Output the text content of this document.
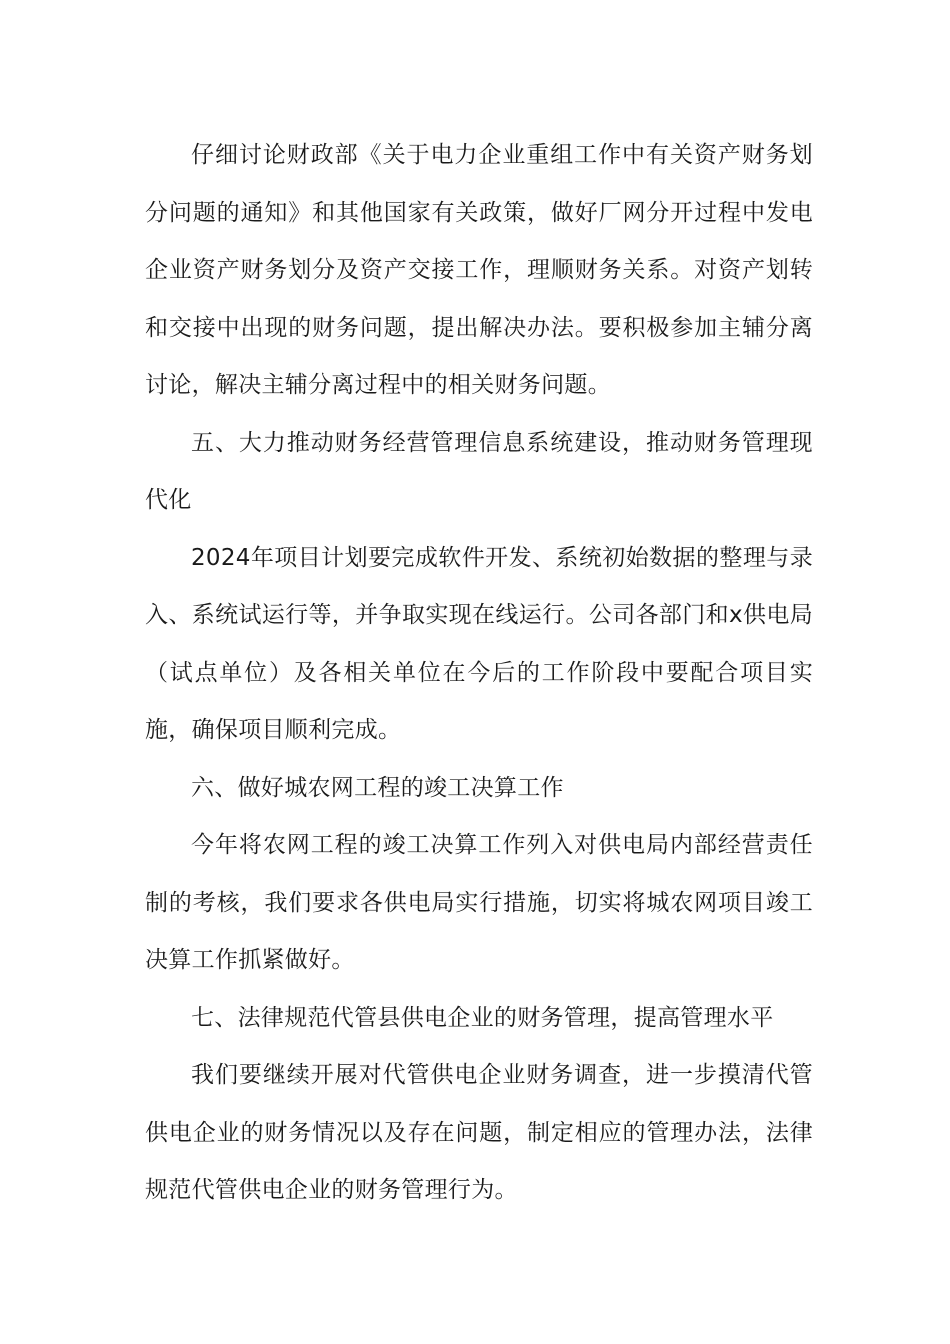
仔细讨论财政部《关于电力企业重组工作中有关资产财务划分问题的通知》和其他国家有关政策，做好厂网分开过程中发电企业资产财务划分及资产交接工作，理顺财务关系。对资产划转和交接中出现的财务问题，提出解决办法。要积极参加主辅分离讨论，解决主辅分离过程中的相关财务问题。

五、大力推动财务经营管理信息系统建设，推动财务管理现代化

2024年项目计划要完成软件开发、系统初始数据的整理与录入、系统试运行等，并争取实现在线运行。公司各部门和x供电局（试点单位）及各相关单位在今后的工作阶段中要配合项目实施，确保项目顺利完成。

六、做好城农网工程的竣工决算工作

今年将农网工程的竣工决算工作列入对供电局内部经营责任制的考核，我们要求各供电局实行措施，切实将城农网项目竣工决算工作抓紧做好。

七、法律规范代管县供电企业的财务管理，提高管理水平

我们要继续开展对代管供电企业财务调查，进一步摸清代管供电企业的财务情况以及存在问题，制定相应的管理办法，法律规范代管供电企业的财务管理行为。
